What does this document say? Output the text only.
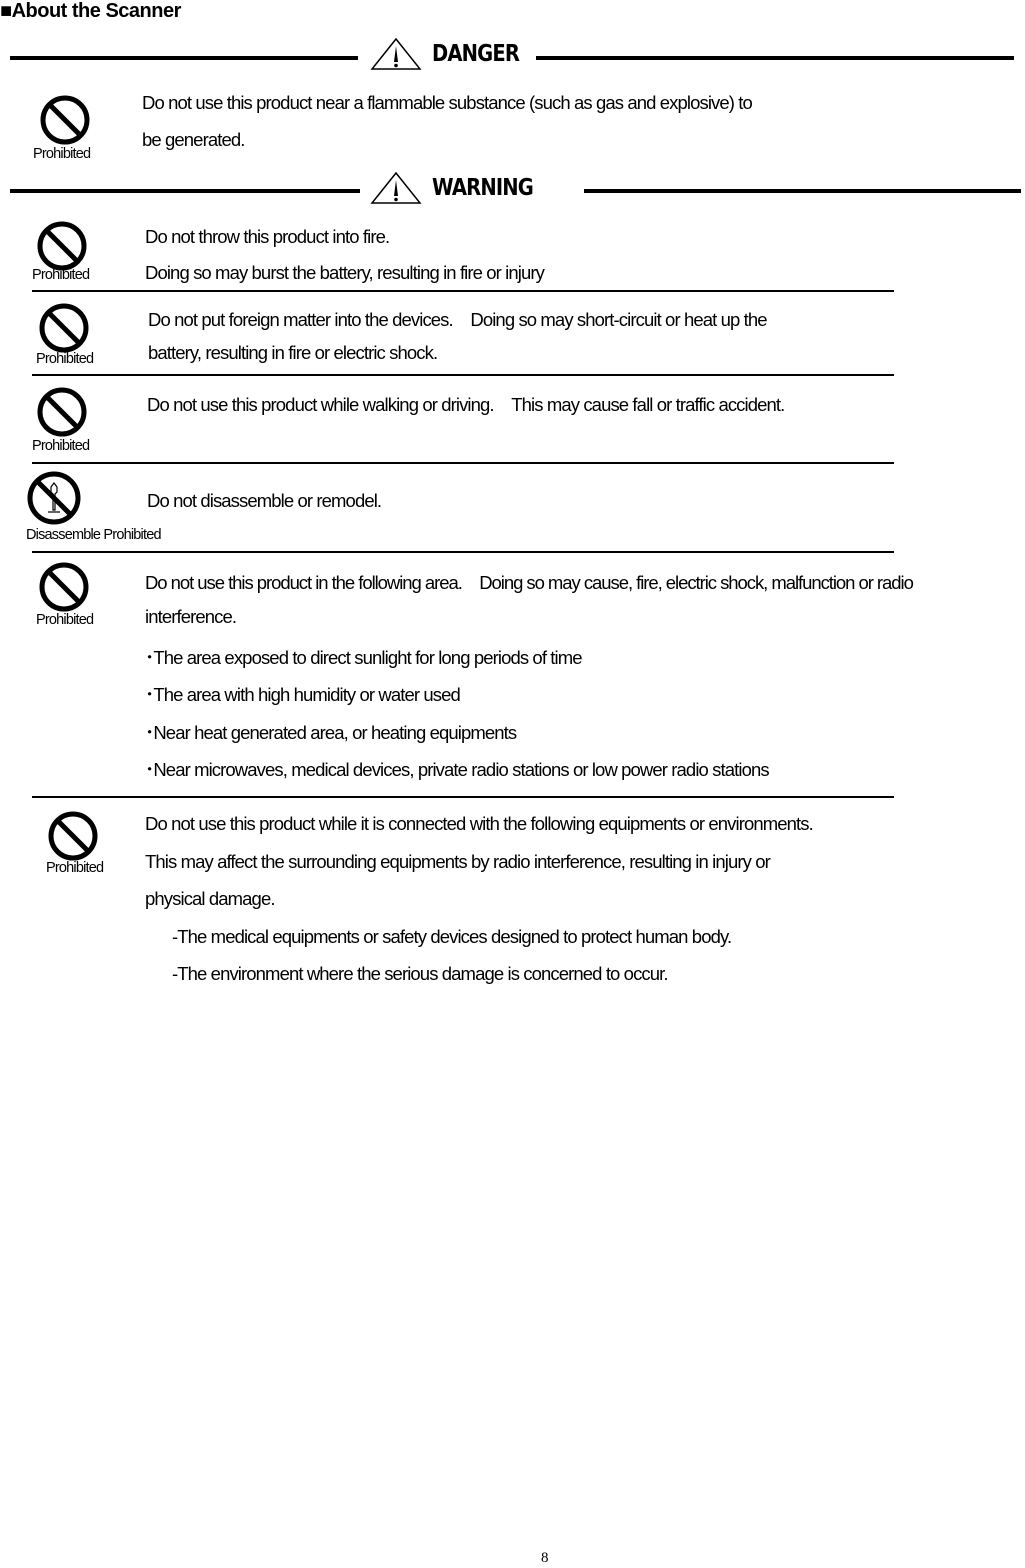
■About the Scanner
DANGER
Prohibited
Do not use this product near a flammable substance (such as gas and explosive) to
be generated.
WARNING
Prohibited
Do not throw this product into fire.
Doing so may burst the battery, resulting in fire or injury
Prohibited
Do not put foreign matter into the devices.　Doing so may short-circuit or heat up the
battery, resulting in fire or electric shock.
Prohibited
Do not use this product while walking or driving.　This may cause fall or traffic accident.
Disassemble Prohibited
Do not disassemble or remodel.
Prohibited
Do not use this product in the following area.　Doing so may cause, fire, electric shock, malfunction or radio
interference.
･The area exposed to direct sunlight for long periods of time
･The area with high humidity or water used
･Near heat generated area, or heating equipments
･Near microwaves, medical devices, private radio stations or low power radio stations
Prohibited
Do not use this product while it is connected with the following equipments or environments.
This may affect the surrounding equipments by radio interference, resulting in injury or
physical damage.
-The medical equipments or safety devices designed to protect human body.
-The environment where the serious damage is concerned to occur.
8
